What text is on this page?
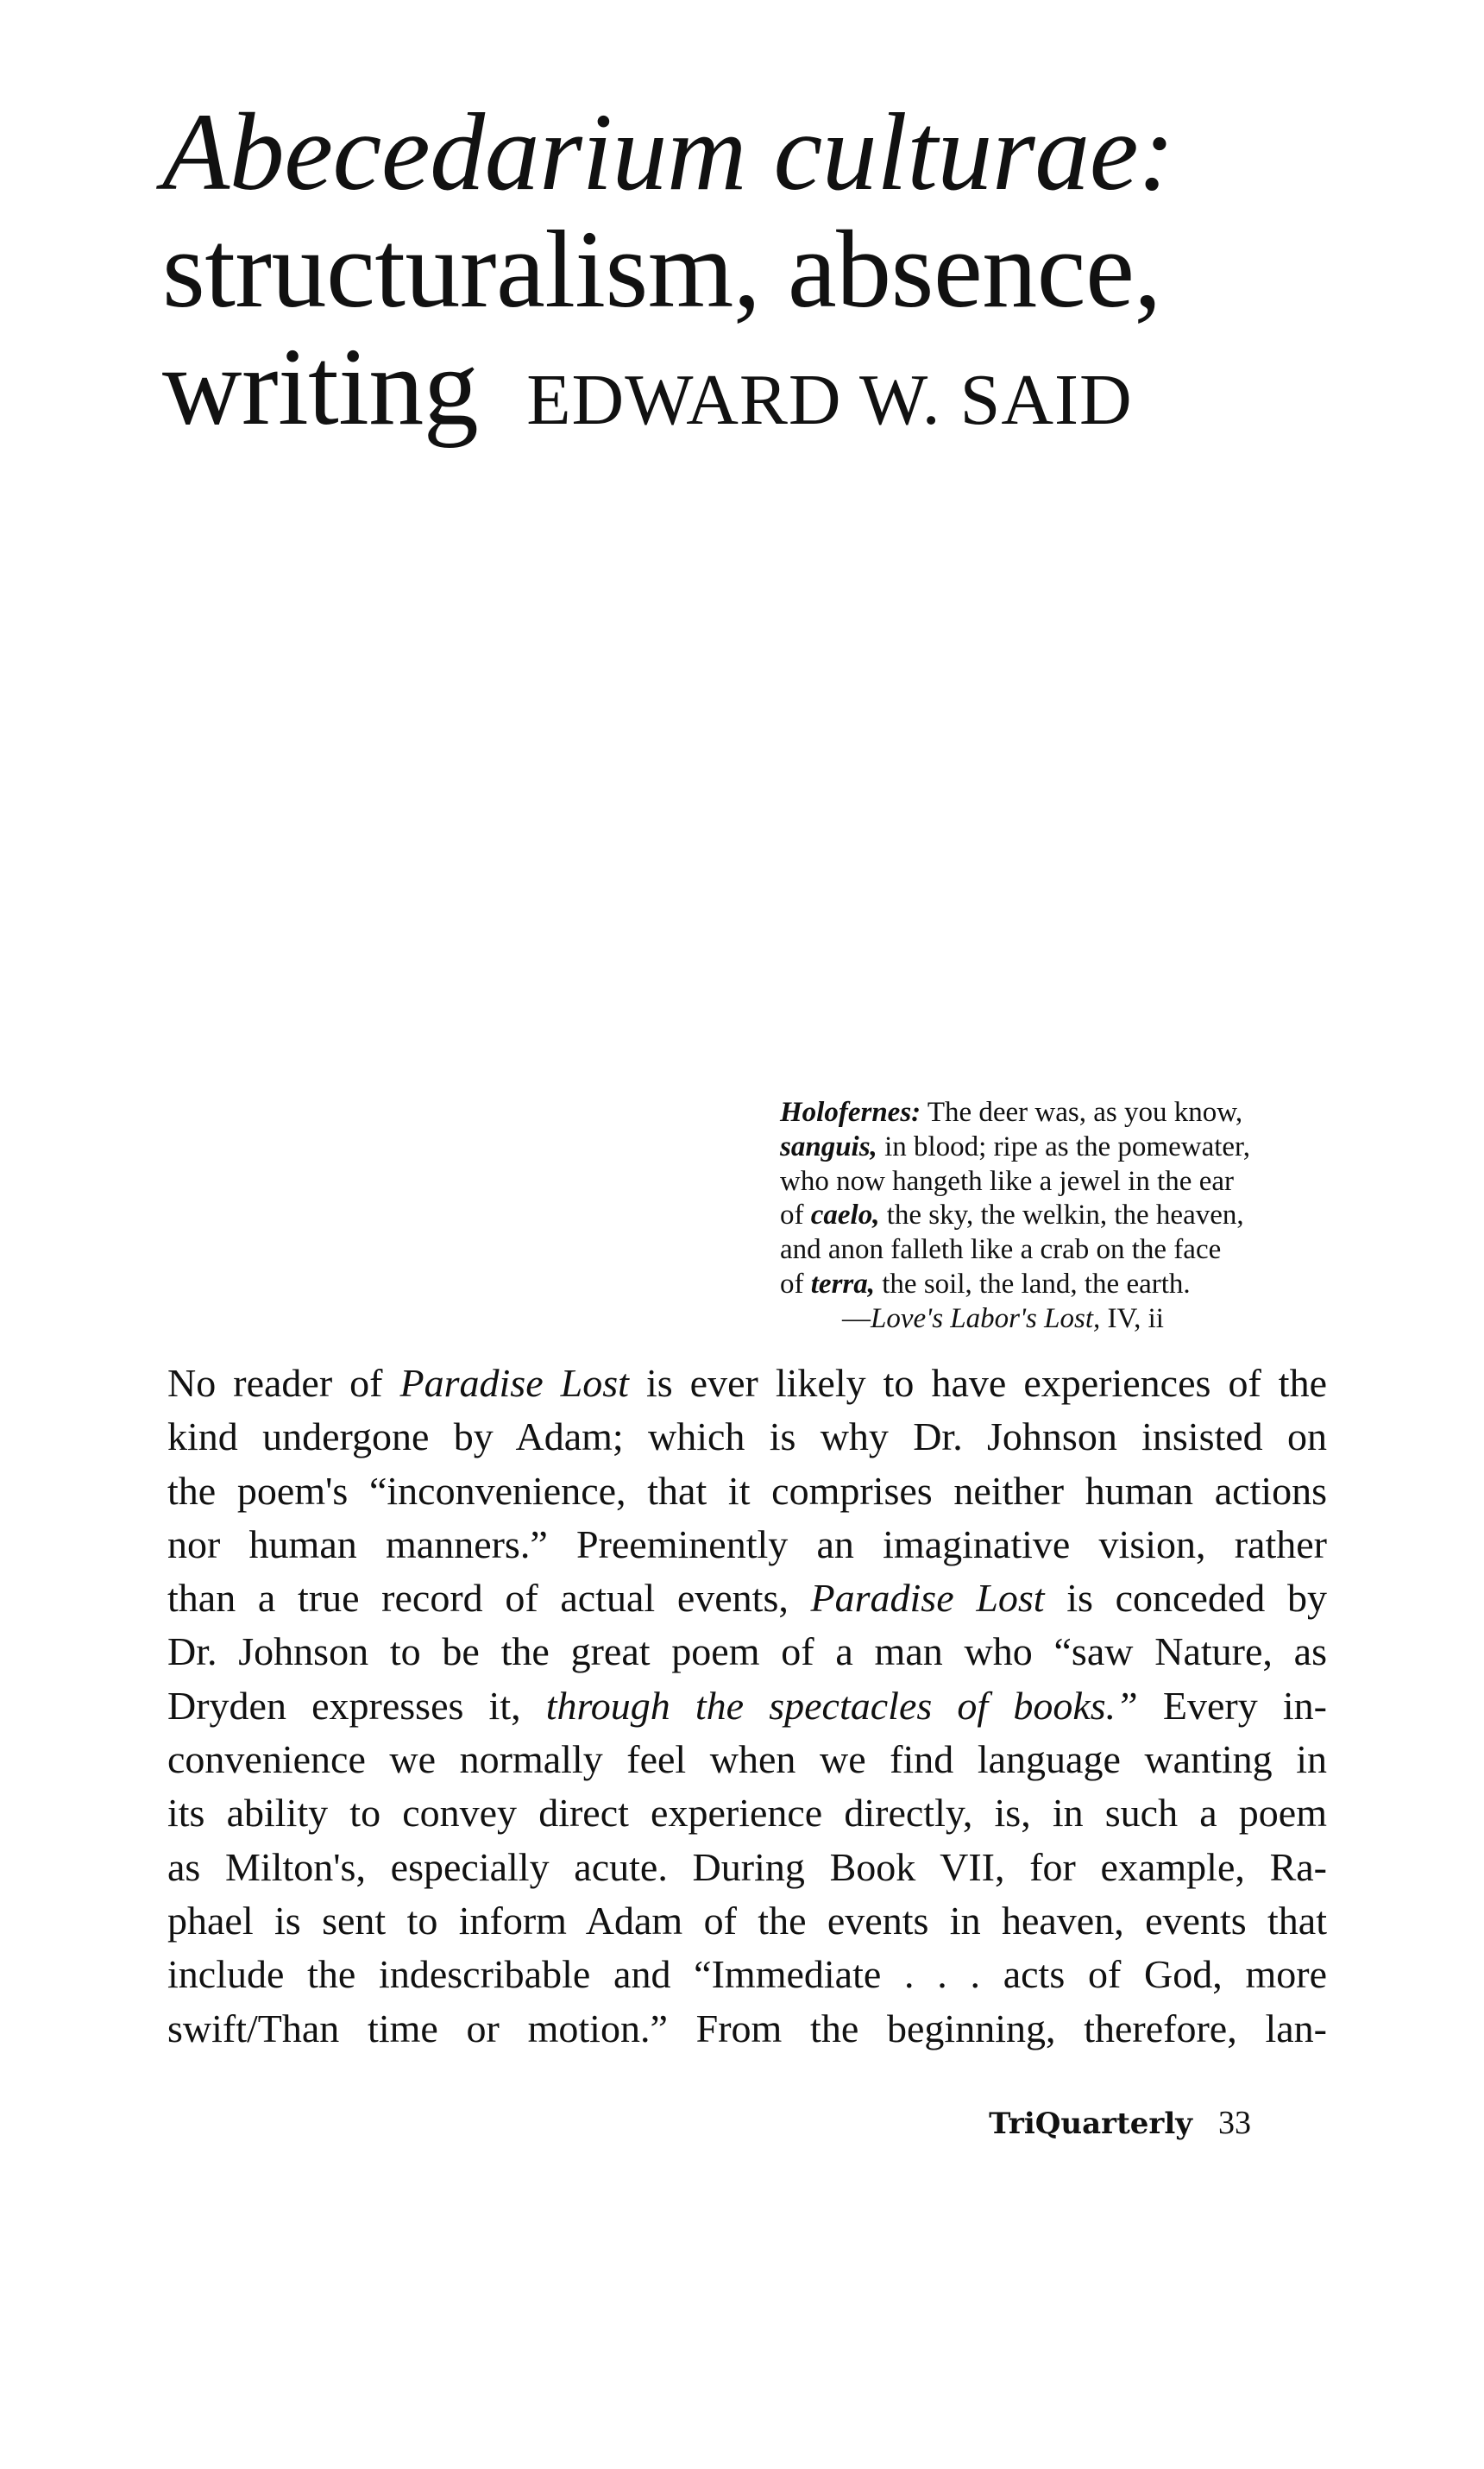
Abecedarium culturae:
structuralism, absence,
writing EDWARD W. SAID

Holofernes: The deer was, as you know,

sanguis, in blood; ripe as the pomewater,

who now hangeth like a jewel in the ear

of caelo, the sky, the welkin, the heaven,

and anon falleth like a crab on the face

of terra, the soil, the land, the earth.

—Love's Labor's Lost, IV, ii

No reader of Paradise Lost is ever likely to have experiences of the
kind undergone by Adam; which is why Dr. Johnson insisted on
the poem's “inconvenience, that it comprises neither human actions
nor human manners.” Preeminently an imaginative vision, rather
than a true record of actual events, Paradise Lost is conceded by
Dr. Johnson to be the great poem of a man who “saw Nature, as
Dryden expresses it, through the spectacles of books.” Every in-
convenience we normally feel when we find language wanting in
its ability to convey direct experience directly, is, in such a poem
as Milton's, especially acute. During Book VII, for example, Ra-
phael is sent to inform Adam of the events in heaven, events that
include the indescribable and “Immediate . . . acts of God, more
swift/Than time or motion.” From the beginning, therefore, lan-
TriQuarterly 33
